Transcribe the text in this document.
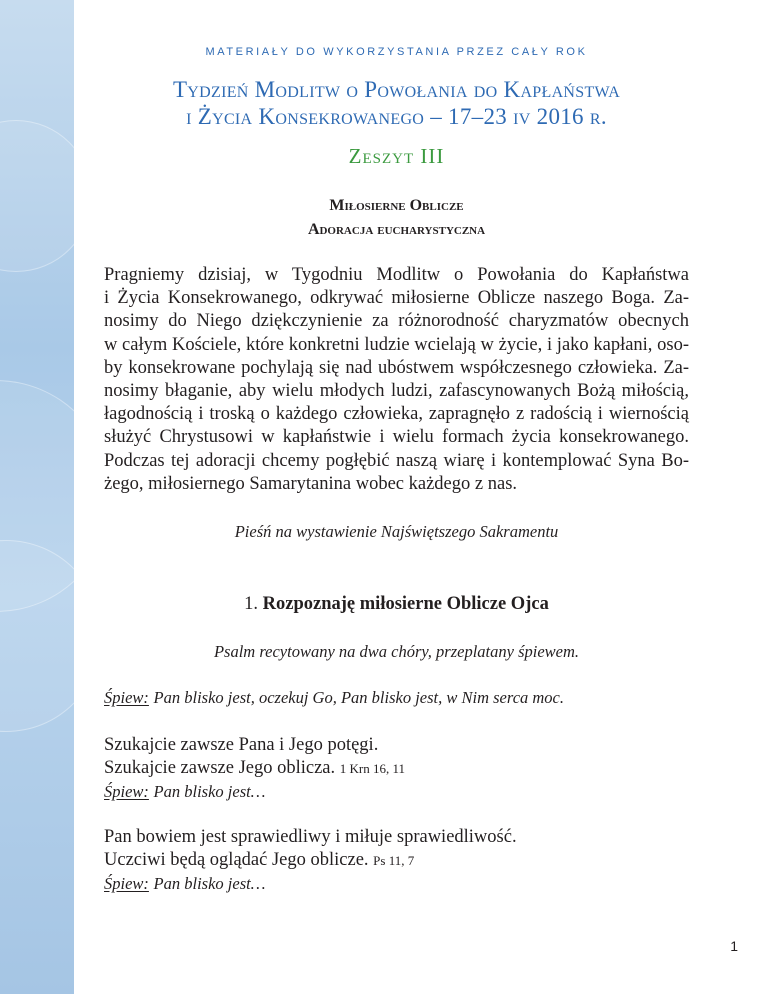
MATERIAŁY DO WYKORZYSTANIA PRZEZ CAŁY ROK
Tydzień Modlitw o Powołania do Kapłaństwa
i Życia Konsekrowanego – 17–23 iv 2016 r.
Zeszyt III
Miłosierne Oblicze
Adoracja eucharystyczna
Pragniemy dzisiaj, w Tygodniu Modlitw o Powołania do Kapłaństwa
i Życia Konsekrowanego, odkrywać miłosierne Oblicze naszego Boga. Za-
nosimy do Niego dziękczynienie za różnorodność charyzmatów obecnych
w całym Kościele, które konkretni ludzie wcielają w życie, i jako kapłani, oso-
by konsekrowane pochylają się nad ubóstwem współczesnego człowieka. Za-
nosimy błaganie, aby wielu młodych ludzi, zafascynowanych Bożą miłością,
łagodnością i troską o każdego człowieka, zapragnęło z radością i wiernością
służyć Chrystusowi w kapłaństwie i wielu formach życia konsekrowanego.
Podczas tej adoracji chcemy pogłębić naszą wiarę i kontemplować Syna Bo-
żego, miłosiernego Samarytanina wobec każdego z nas.
Pieśń na wystawienie Najświętszego Sakramentu
1. Rozpoznaję miłosierne Oblicze Ojca
Psalm recytowany na dwa chóry, przeplatany śpiewem.
Śpiew: Pan blisko jest, oczekuj Go, Pan blisko jest, w Nim serca moc.
Szukajcie zawsze Pana i Jego potęgi.
Szukajcie zawsze Jego oblicza. 1 Krn 16, 11
Śpiew: Pan blisko jest…
Pan bowiem jest sprawiedliwy i miłuje sprawiedliwość.
Uczciwi będą oglądać Jego oblicze. Ps 11, 7
Śpiew: Pan blisko jest…
1
